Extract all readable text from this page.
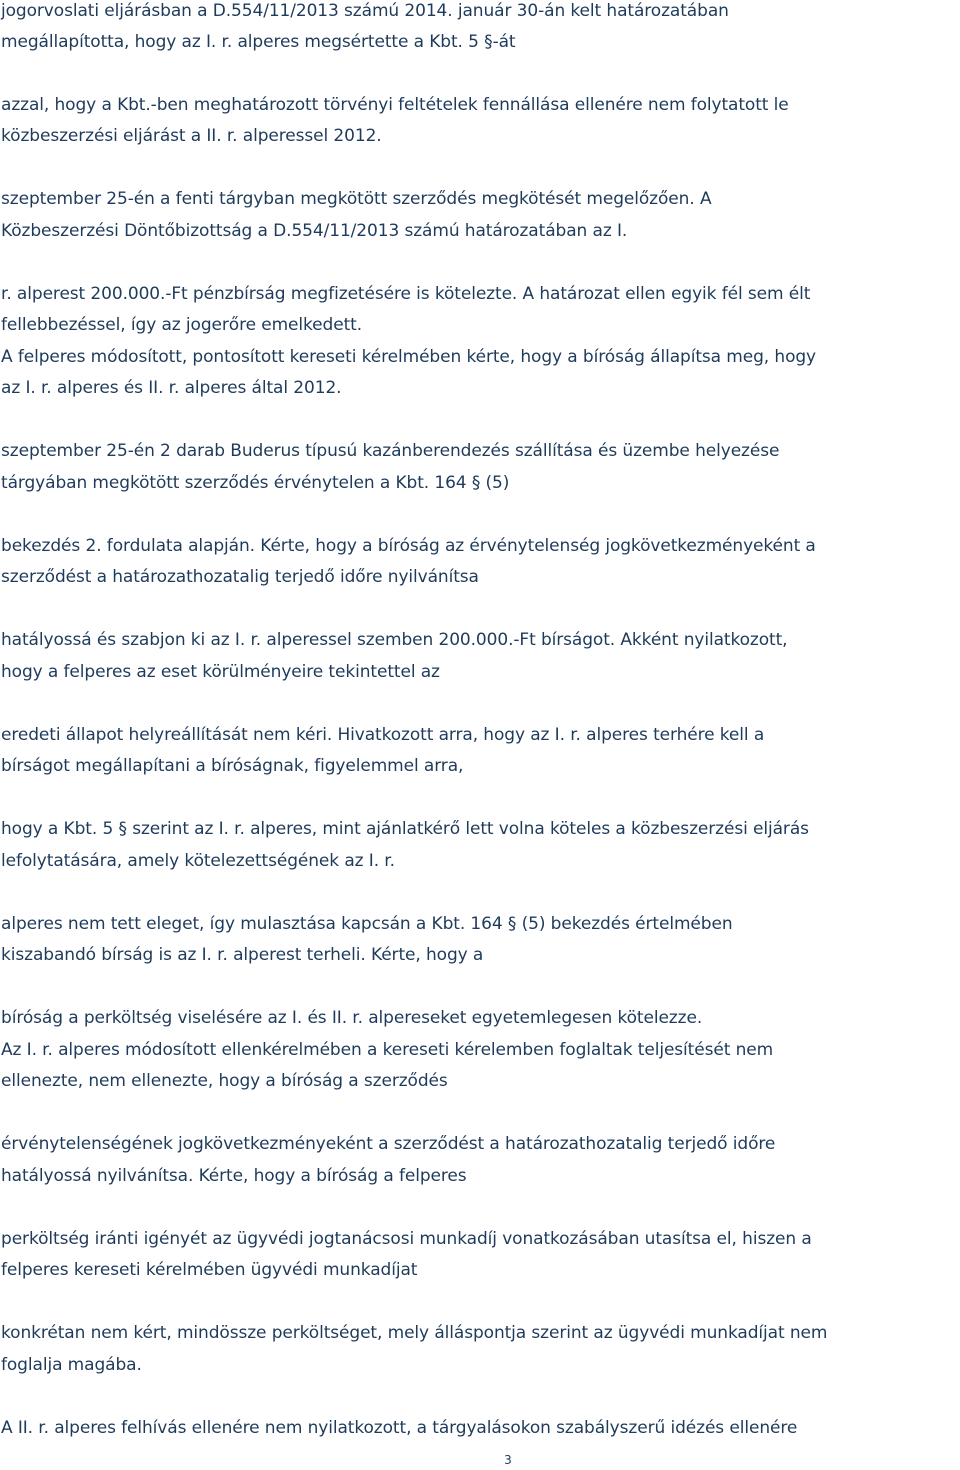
jogorvoslati eljárásban a D.554/11/2013 számú 2014. január 30-án kelt határozatában
megállapította, hogy az I. r. alperes megsértette a Kbt. 5 §-át
azzal, hogy a Kbt.-ben meghatározott törvényi feltételek fennállása ellenére nem folytatott le
közbeszerzési eljárást a II. r. alperessel 2012.
szeptember 25-én a fenti tárgyban megkötött szerződés megkötését megelőzően. A
Közbeszerzési Döntőbizottság a D.554/11/2013 számú határozatában az I.
r. alperest 200.000.-Ft pénzbírság megfizetésére is kötelezte. A határozat ellen egyik fél sem élt
fellebbezéssel, így az jogerőre emelkedett.
A felperes módosított, pontosított kereseti kérelmében kérte, hogy a bíróság állapítsa meg, hogy
az I. r. alperes és II. r. alperes által 2012.
szeptember 25-én 2 darab Buderus típusú kazánberendezés szállítása és üzembe helyezése
tárgyában megkötött szerződés érvénytelen a Kbt. 164 § (5)
bekezdés 2. fordulata alapján. Kérte, hogy a bíróság az érvénytelenség jogkövetkezményeként a
szerződést a határozathozatalig terjedő időre nyilvánítsa
hatályossá és szabjon ki az I. r. alperessel szemben 200.000.-Ft bírságot. Akként nyilatkozott,
hogy a felperes az eset körülményeire tekintettel az
eredeti állapot helyreállítását nem kéri. Hivatkozott arra, hogy az I. r. alperes terhére kell a
bírságot megállapítani a bíróságnak, figyelemmel arra,
hogy a Kbt. 5 § szerint az I. r. alperes, mint ajánlatkérő lett volna köteles a közbeszerzési eljárás
lefolytatására, amely kötelezettségének az I. r.
alperes nem tett eleget, így mulasztása kapcsán a Kbt. 164 § (5) bekezdés értelmében
kiszabandó bírság is az I. r. alperest terheli. Kérte, hogy a
bíróság a perköltség viselésére az I. és II. r. alpereseket egyetemlegesen kötelezze.
Az I. r. alperes módosított ellenkérelmében a kereseti kérelemben foglaltak teljesítését nem
ellenezte, nem ellenezte, hogy a bíróság a szerződés
érvénytelenségének jogkövetkezményeként a szerződést a határozathozatalig terjedő időre
hatályossá nyilvánítsa. Kérte, hogy a bíróság a felperes
perköltség iránti igényét az ügyvédi jogtanácsosi munkadíj vonatkozásában utasítsa el, hiszen a
felperes kereseti kérelmében ügyvédi munkadíjat
konkrétan nem kért, mindössze perköltséget, mely álláspontja szerint az ügyvédi munkadíjat nem
foglalja magába.
A II. r. alperes felhívás ellenére nem nyilatkozott, a tárgyalásokon szabályszerű idézés ellenére
3
